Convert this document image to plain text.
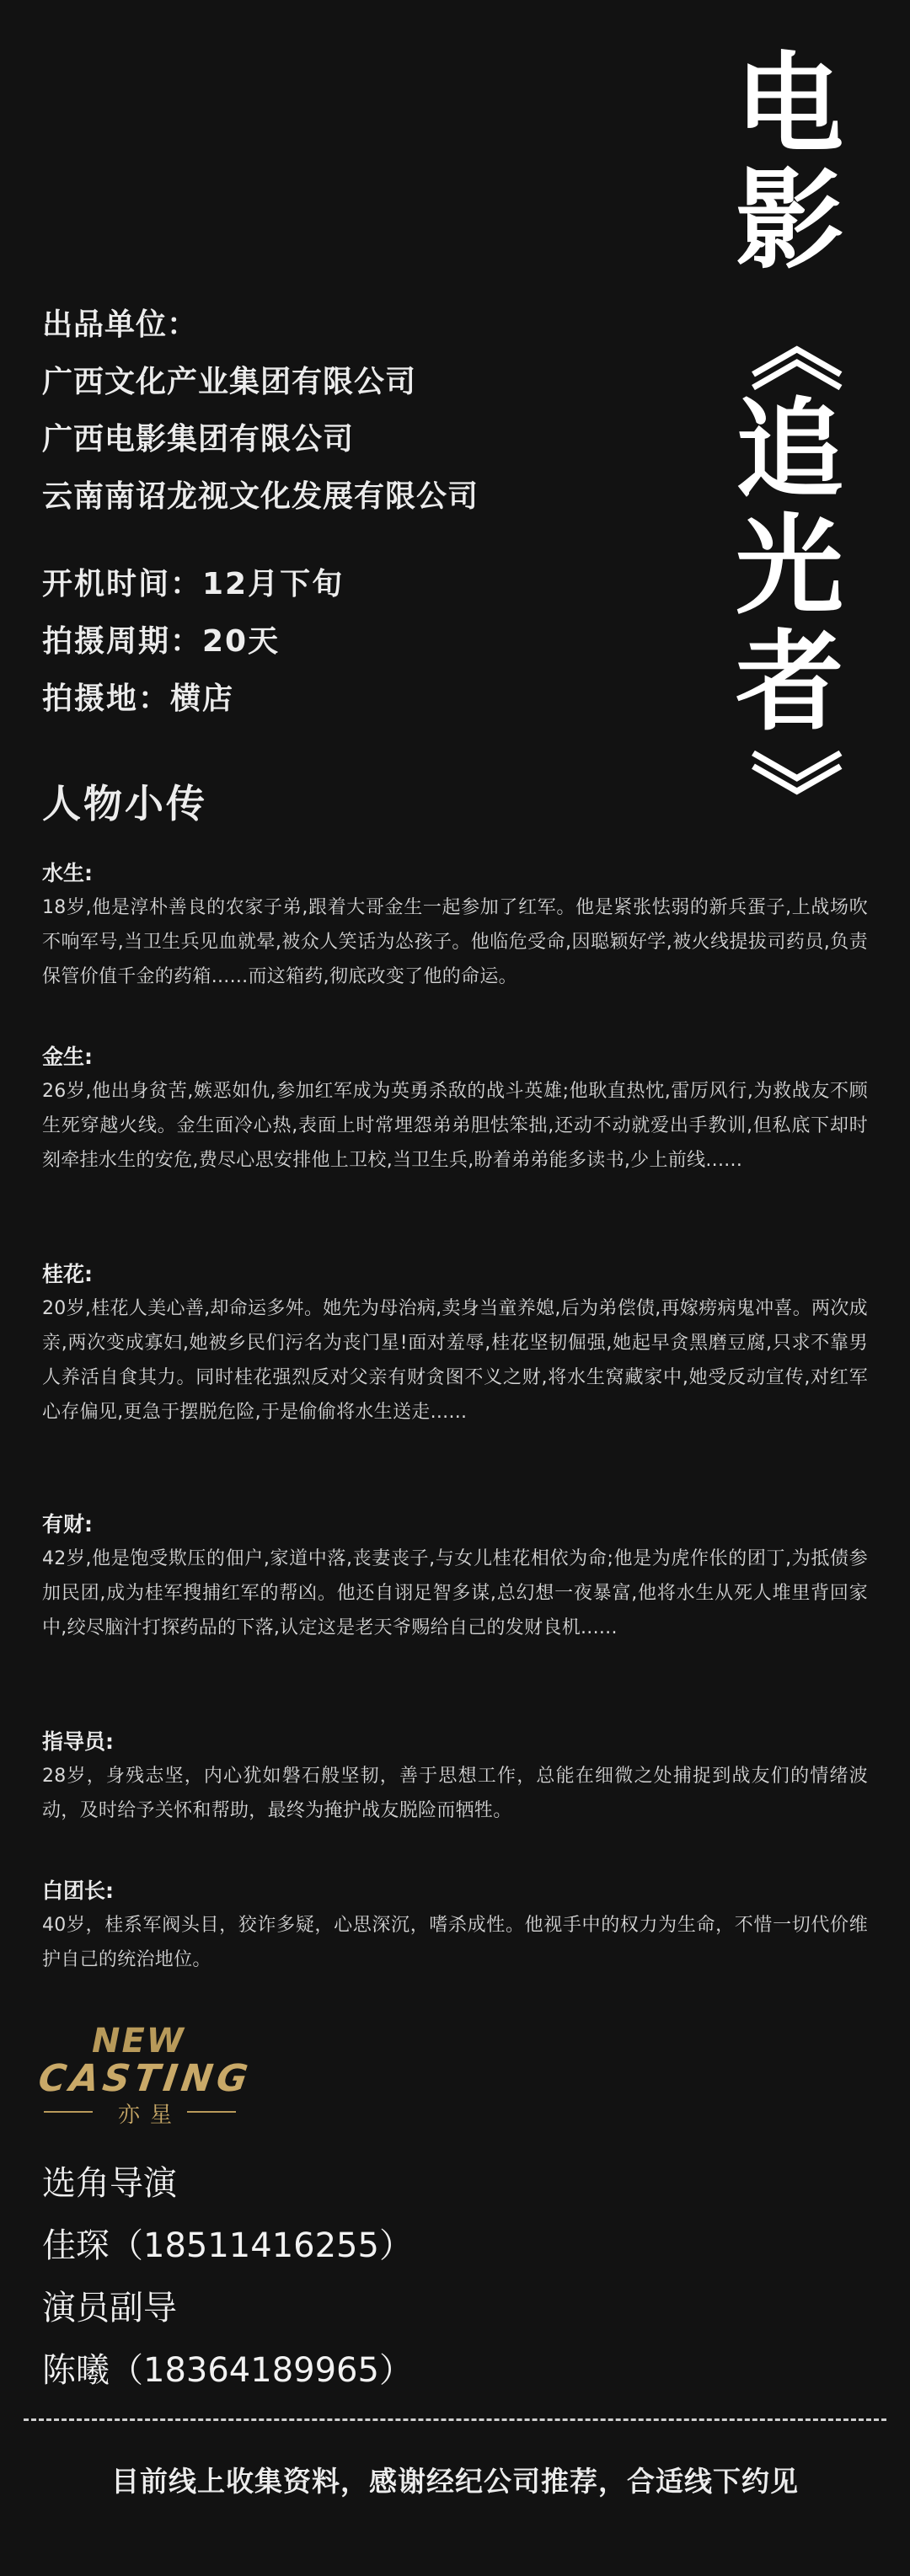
电
影
《
追
光
者
》
出品单位：
广西文化产业集团有限公司
广西电影集团有限公司
云南南诏龙视文化发展有限公司
开机时间：12月下旬
拍摄周期：20天
拍摄地：横店
人物小传
水生:
18岁,他是淳朴善良的农家子弟,跟着大哥金生一起参加了红军。他是紧张怯弱的新兵蛋子,上战场吹不响军号,当卫生兵见血就晕,被众人笑话为怂孩子。他临危受命,因聪颖好学,被火线提拔司药员,负责保管价值千金的药箱......而这箱药,彻底改变了他的命运。
金生:
26岁,他出身贫苦,嫉恶如仇,参加红军成为英勇杀敌的战斗英雄;他耿直热忱,雷厉风行,为救战友不顾生死穿越火线。金生面冷心热,表面上时常埋怨弟弟胆怯笨拙,还动不动就爱出手教训,但私底下却时刻牵挂水生的安危,费尽心思安排他上卫校,当卫生兵,盼着弟弟能多读书,少上前线......
桂花:
20岁,桂花人美心善,却命运多舛。她先为母治病,卖身当童养媳,后为弟偿债,再嫁痨病鬼冲喜。两次成亲,两次变成寡妇,她被乡民们污名为丧门星!面对羞辱,桂花坚韧倔强,她起早贪黑磨豆腐,只求不靠男人养活自食其力。同时桂花强烈反对父亲有财贪图不义之财,将水生窝藏家中,她受反动宣传,对红军心存偏见,更急于摆脱危险,于是偷偷将水生送走......
有财:
42岁,他是饱受欺压的佃户,家道中落,丧妻丧子,与女儿桂花相依为命;他是为虎作伥的团丁,为抵债参加民团,成为桂军搜捕红军的帮凶。他还自诩足智多谋,总幻想一夜暴富,他将水生从死人堆里背回家中,绞尽脑汁打探药品的下落,认定这是老天爷赐给自己的发财良机......
指导员:
28岁，身残志坚，内心犹如磐石般坚韧，善于思想工作，总能在细微之处捕捉到战友们的情绪波动，及时给予关怀和帮助，最终为掩护战友脱险而牺牲。
白团长:
40岁，桂系军阀头目，狡诈多疑，心思深沉，嗜杀成性。他视手中的权力为生命，不惜一切代价维护自己的统治地位。
NEW
CASTING
亦星
选角导演
佳琛（18511416255）
演员副导
陈曦（18364189965）
目前线上收集资料，感谢经纪公司推荐，合适线下约见
